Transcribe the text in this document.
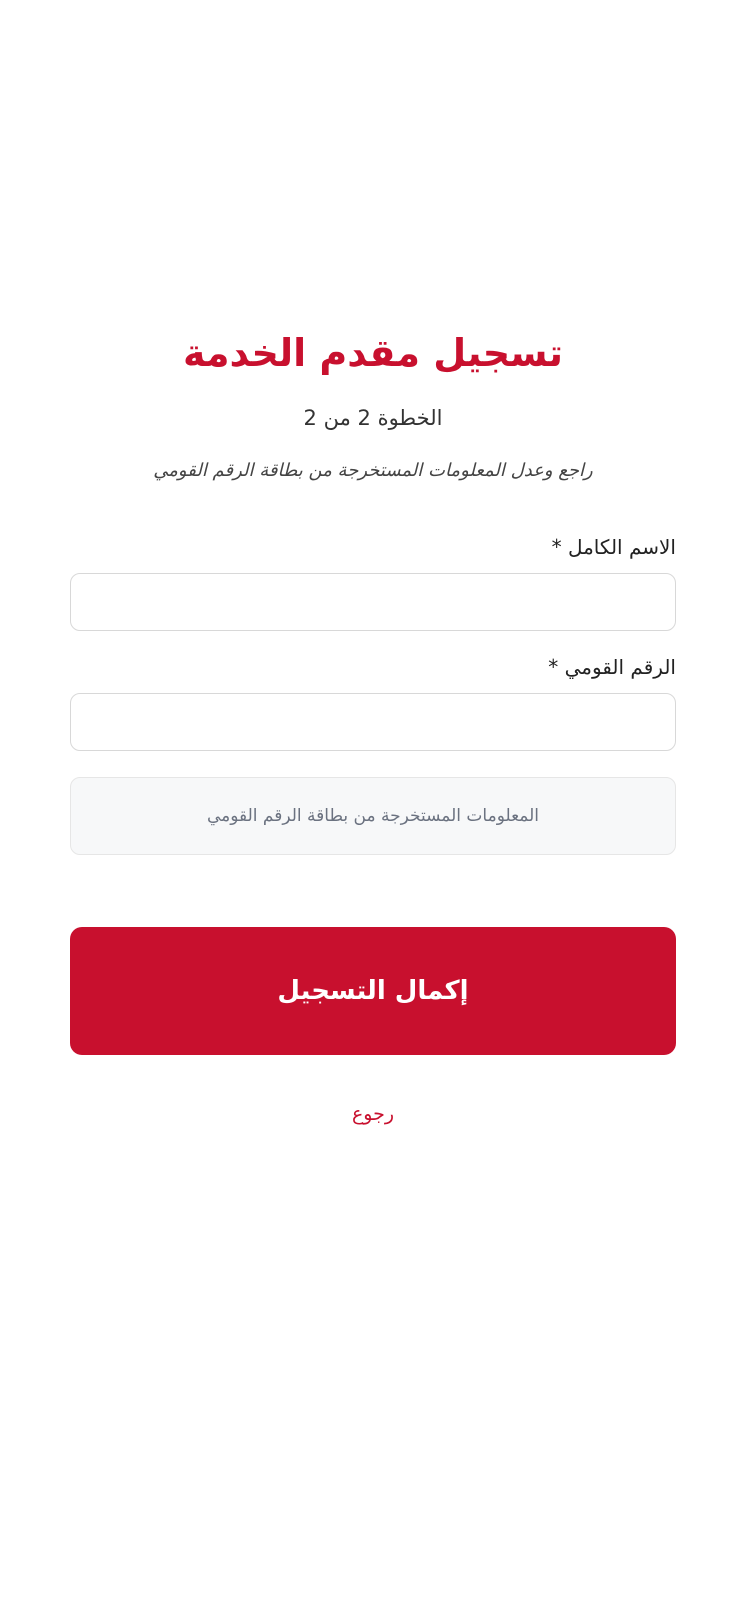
تسجيل مقدم الخدمة
الخطوة 2 من 2
راجع وعدل المعلومات المستخرجة من بطاقة الرقم القومي
الاسم الكامل *
الرقم القومي *
المعلومات المستخرجة من بطاقة الرقم القومي
إكمال التسجيل
رجوع
